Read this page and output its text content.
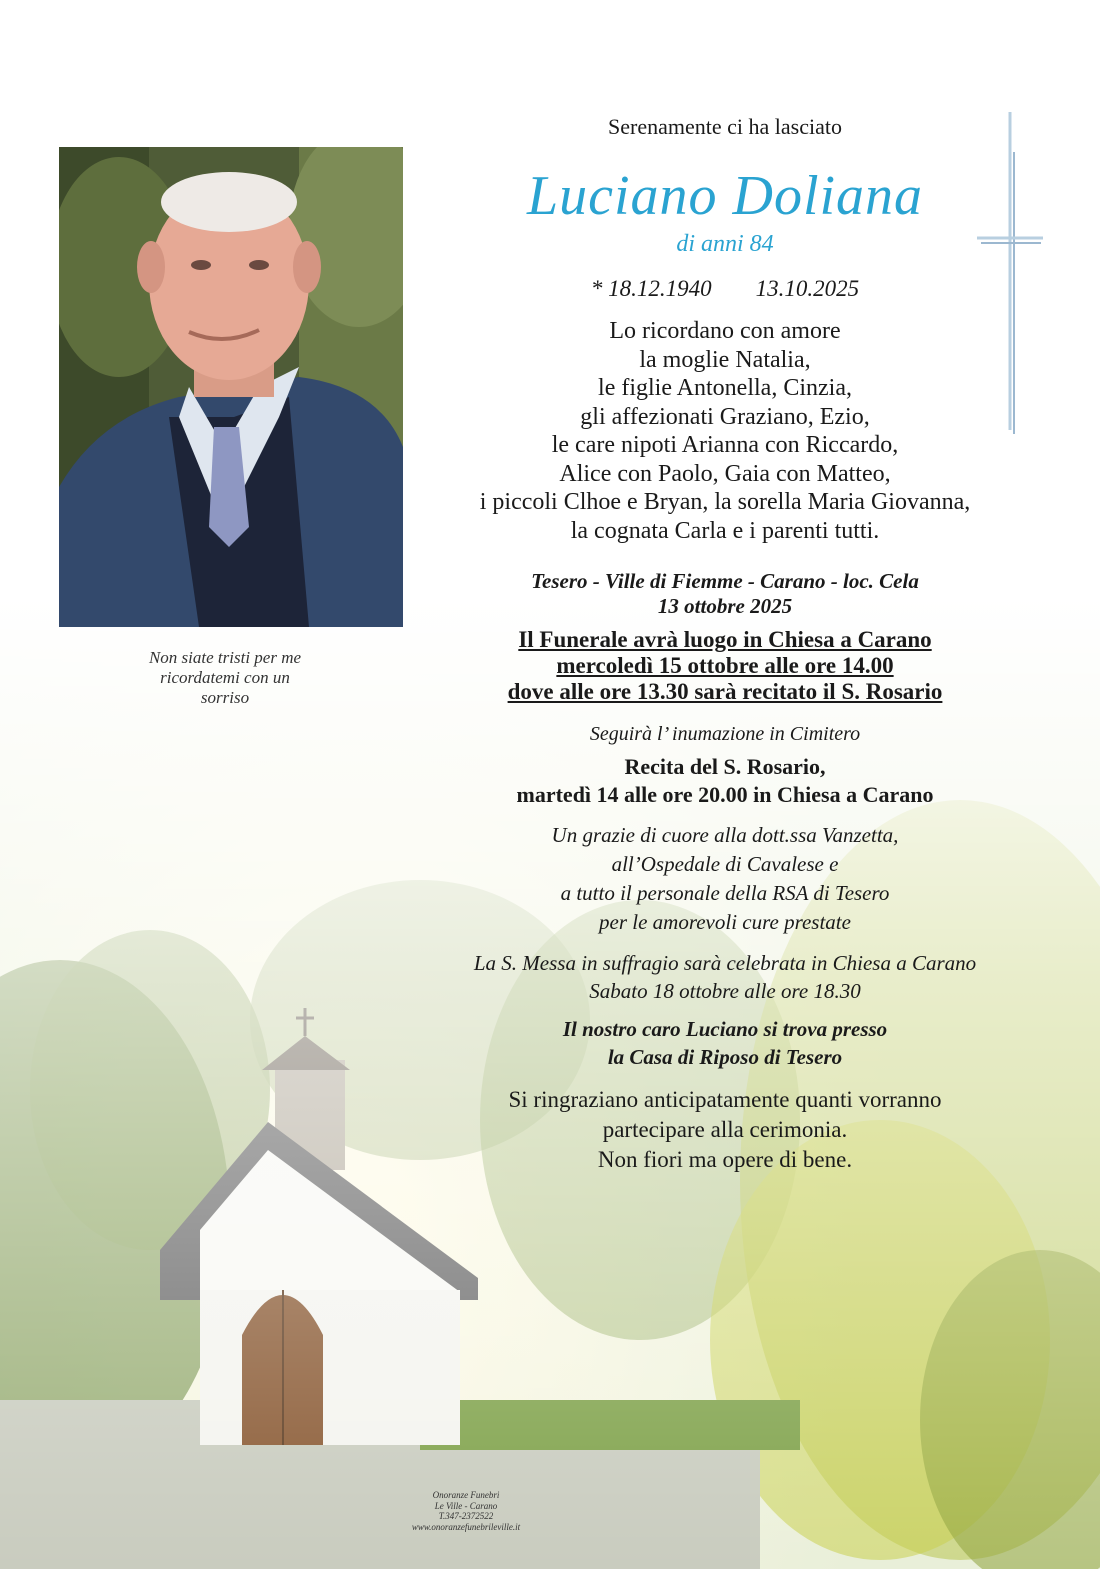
Non siate tristi per me
ricordatemi con un
sorriso

Serenamente ci ha lasciato

Luciano Doliana

di anni 84

* 18.12.1940 13.10.2025

Lo ricordano con amore
la moglie Natalia,
le figlie Antonella, Cinzia,
gli affezionati Graziano, Ezio,
le care nipoti Arianna con Riccardo,
Alice con Paolo, Gaia con Matteo,
i piccoli Clhoe e Bryan, la sorella Maria Giovanna,
la cognata Carla e i parenti tutti.

Tesero - Ville di Fiemme - Carano - loc. Cela
13 ottobre 2025

Il Funerale avrà luogo in Chiesa a Carano
mercoledì 15 ottobre alle ore 14.00
dove alle ore 13.30 sarà recitato il S. Rosario

Seguirà l’ inumazione in Cimitero

Recita del S. Rosario,
martedì 14 alle ore 20.00 in Chiesa a Carano

Un grazie di cuore alla dott.ssa Vanzetta,
all’Ospedale di Cavalese e
a tutto il personale della RSA di Tesero
per le amorevoli cure prestate

La S. Messa in suffragio sarà celebrata in Chiesa a Carano
Sabato 18 ottobre alle ore 18.30

Il nostro caro Luciano si trova presso
la Casa di Riposo di Tesero

Si ringraziano anticipatamente quanti vorranno
partecipare alla cerimonia.
Non fiori ma opere di bene.

Onoranze Funebri
Le Ville - Carano
T.347-2372522
www.onoranzefunebrileville.it
